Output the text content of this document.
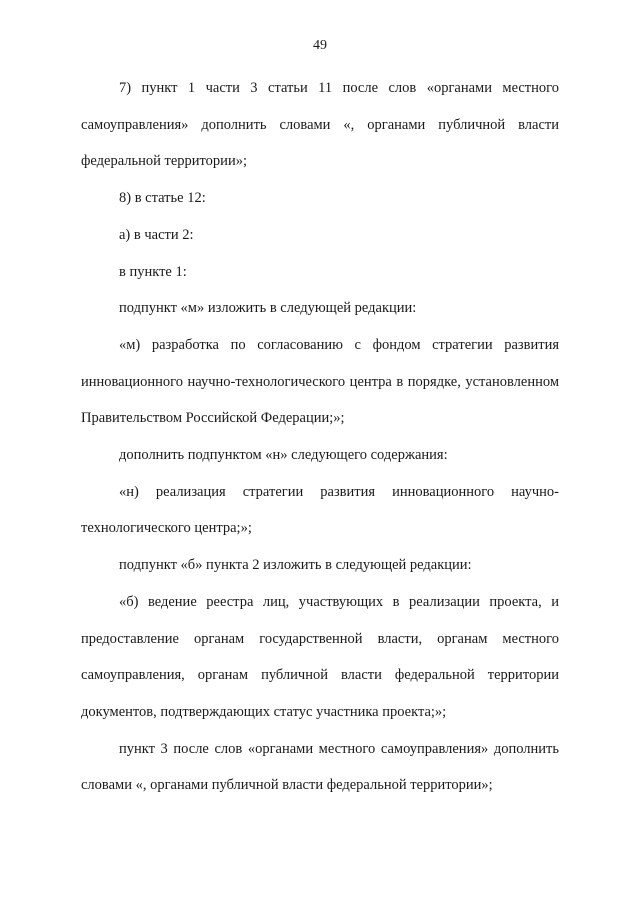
49

7) пункт 1 части 3 статьи 11 после слов «органами местного самоуправления» дополнить словами «, органами публичной власти федеральной территории»;

8) в статье 12:

а) в части 2:

в пункте 1:

подпункт «м» изложить в следующей редакции:

«м) разработка по согласованию с фондом стратегии развития инновационного научно-технологического центра в порядке, установленном Правительством Российской Федерации;»;

дополнить подпунктом «н» следующего содержания:

«н) реализация стратегии развития инновационного научно-технологического центра;»;

подпункт «б» пункта 2 изложить в следующей редакции:

«б) ведение реестра лиц, участвующих в реализации проекта, и предоставление органам государственной власти, органам местного самоуправления, органам публичной власти федеральной территории документов, подтверждающих статус участника проекта;»;

пункт 3 после слов «органами местного самоуправления» дополнить словами «, органами публичной власти федеральной территории»;
